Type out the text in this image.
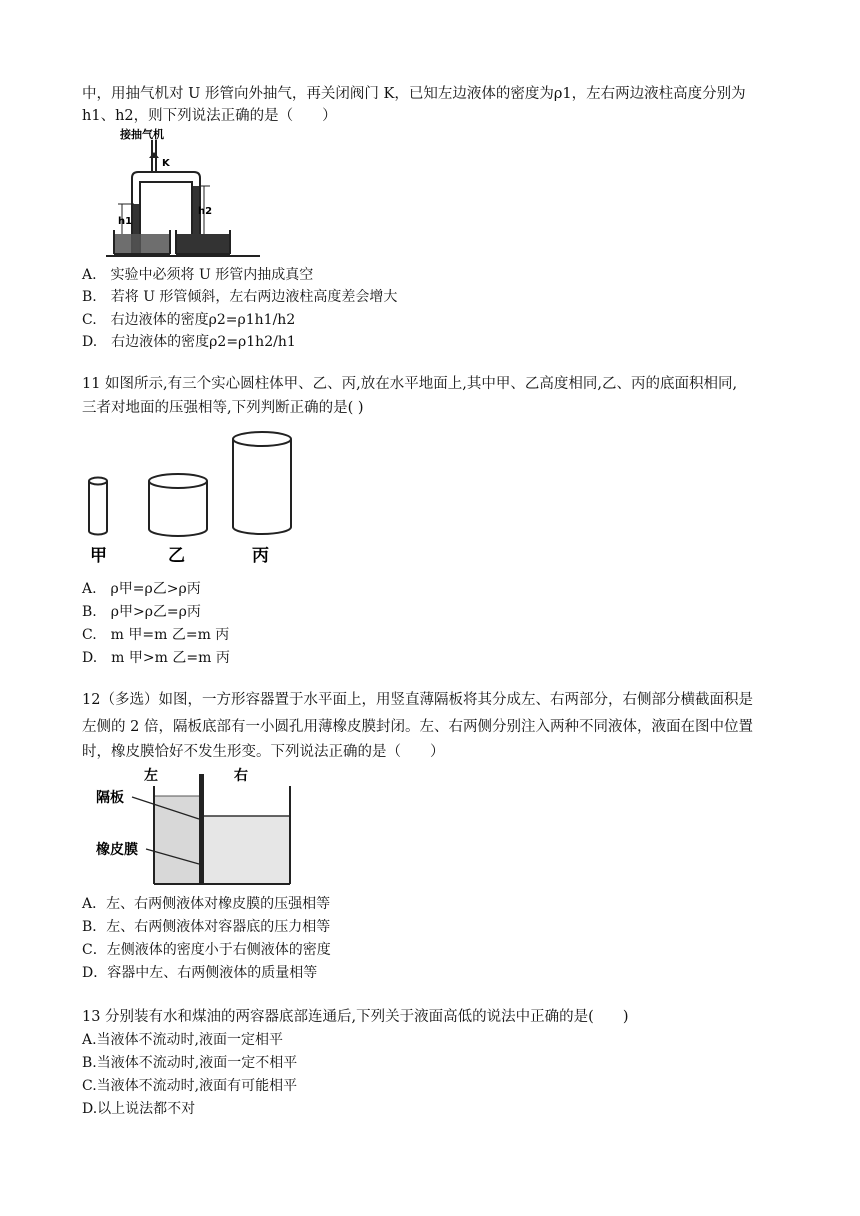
中，用抽气机对 U 形管向外抽气，再关闭阀门 K，已知左边液体的密度为ρ1，左右两边液柱高度分别为
h1、h2，则下列说法正确的是（　　）
接抽气机
K
h1
h2
A.　实验中必须将 U 形管内抽成真空
B.　若将 U 形管倾斜，左右两边液柱高度差会增大
C.　右边液体的密度ρ2=ρ1h1/h2
D.　右边液体的密度ρ2=ρ1h2/h1
11 如图所示,有三个实心圆柱体甲、乙、丙,放在水平地面上,其中甲、乙高度相同,乙、丙的底面积相同,
三者对地面的压强相等,下列判断正确的是( )
甲	乙	丙
A.　ρ甲=ρ乙>ρ丙
B.　ρ甲>ρ乙=ρ丙
C.　m 甲=m 乙=m 丙
D.　m 甲>m 乙=m 丙
12（多选）如图，一方形容器置于水平面上，用竖直薄隔板将其分成左、右两部分，右侧部分横截面积是
左侧的 2 倍，隔板底部有一小圆孔用薄橡皮膜封闭。左、右两侧分别注入两种不同液体，液面在图中位置
时，橡皮膜恰好不发生形变。下列说法正确的是（　　）
左	右
隔板
橡皮膜
A．左、右两侧液体对橡皮膜的压强相等
B．左、右两侧液体对容器底的压力相等
C．左侧液体的密度小于右侧液体的密度
D．容器中左、右两侧液体的质量相等
13 分别装有水和煤油的两容器底部连通后,下列关于液面高低的说法中正确的是(　　)
A.当液体不流动时,液面一定相平
B.当液体不流动时,液面一定不相平
C.当液体不流动时,液面有可能相平
D.以上说法都不对
